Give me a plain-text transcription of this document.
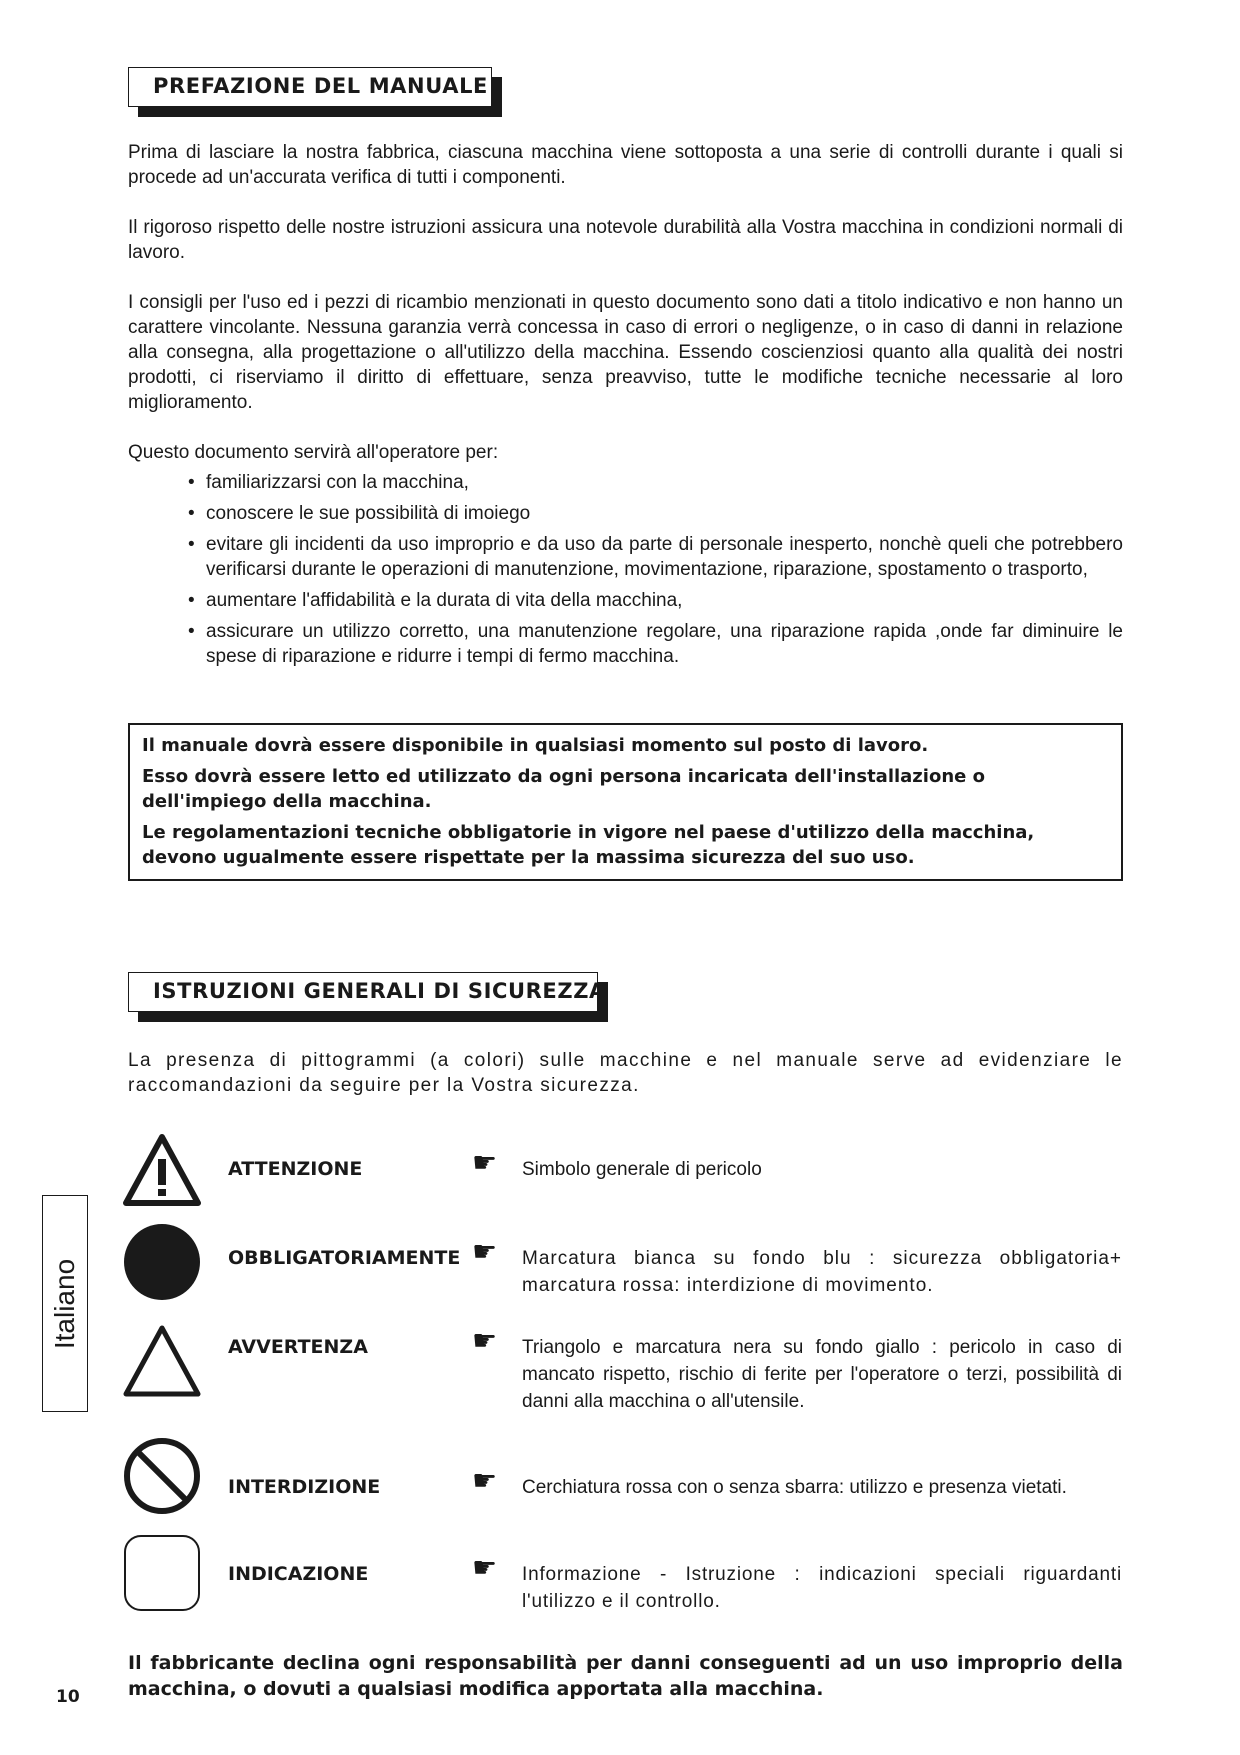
PREFAZIONE DEL MANUALE

Prima di lasciare la nostra fabbrica, ciascuna macchina viene sottoposta a una serie di controlli durante i quali si procede ad un'accurata verifica di tutti i componenti.

Il rigoroso rispetto delle nostre istruzioni assicura una notevole durabilità alla Vostra macchina in condizioni normali di lavoro.

I consigli per l'uso ed i pezzi di ricambio menzionati in questo documento sono dati a titolo indicativo e non hanno un carattere vincolante. Nessuna garanzia verrà concessa in caso di errori o negligenze, o in caso di danni in relazione alla consegna, alla progettazione o all'utilizzo della macchina. Essendo coscienziosi quanto alla qualità dei nostri prodotti, ci riserviamo il diritto di effettuare, senza preavviso, tutte le modifiche tecniche necessarie al loro miglioramento.

Questo documento servirà all'operatore per:

• familiarizzarsi con la macchina,
• conoscere le sue possibilità di imoiego
• evitare gli incidenti da uso improprio e da uso da parte di personale inesperto, nonchè queli che potrebbero verificarsi durante le operazioni di manutenzione, movimentazione, riparazione, spostamento o trasporto,
• aumentare l'affidabilità e la durata di vita della macchina,
• assicurare un utilizzo corretto, una manutenzione regolare, una riparazione rapida ,onde far diminuire le spese di riparazione e ridurre i tempi di fermo macchina.

Il manuale dovrà essere disponibile in qualsiasi momento sul posto di lavoro.

Esso dovrà essere letto ed utilizzato da ogni persona incaricata dell'installazione o dell'impiego della macchina.

Le regolamentazioni tecniche obbligatorie in vigore nel paese d'utilizzo della macchina, devono ugualmente essere rispettate per la massima sicurezza del suo uso.

ISTRUZIONI GENERALI DI SICUREZZA

La presenza di pittogrammi (a colori) sulle macchine e nel manuale serve ad evidenziare le raccomandazioni da seguire per la Vostra sicurezza.

ATTENZIONE	☛ Simbolo generale di pericolo
OBBLIGATORIAMENTE ☛ Marcatura bianca su fondo blu : sicurezza obbligatoria+ marcatura rossa: interdizione di movimento.
AVVERTENZA	☛ Triangolo e marcatura nera su fondo giallo : pericolo in caso di mancato rispetto, rischio di ferite per l'operatore o terzi, possibilità di danni alla macchina o all'utensile.
INTERDIZIONE	☛ Cerchiatura rossa con o senza sbarra: utilizzo e presenza vietati.
INDICAZIONE	☛ Informazione - Istruzione : indicazioni speciali riguardanti l'utilizzo e il controllo.

Il fabbricante declina ogni responsabilità per danni conseguenti ad un uso improprio della macchina, o dovuti a qualsiasi modifica apportata alla macchina.

Italiano
10
